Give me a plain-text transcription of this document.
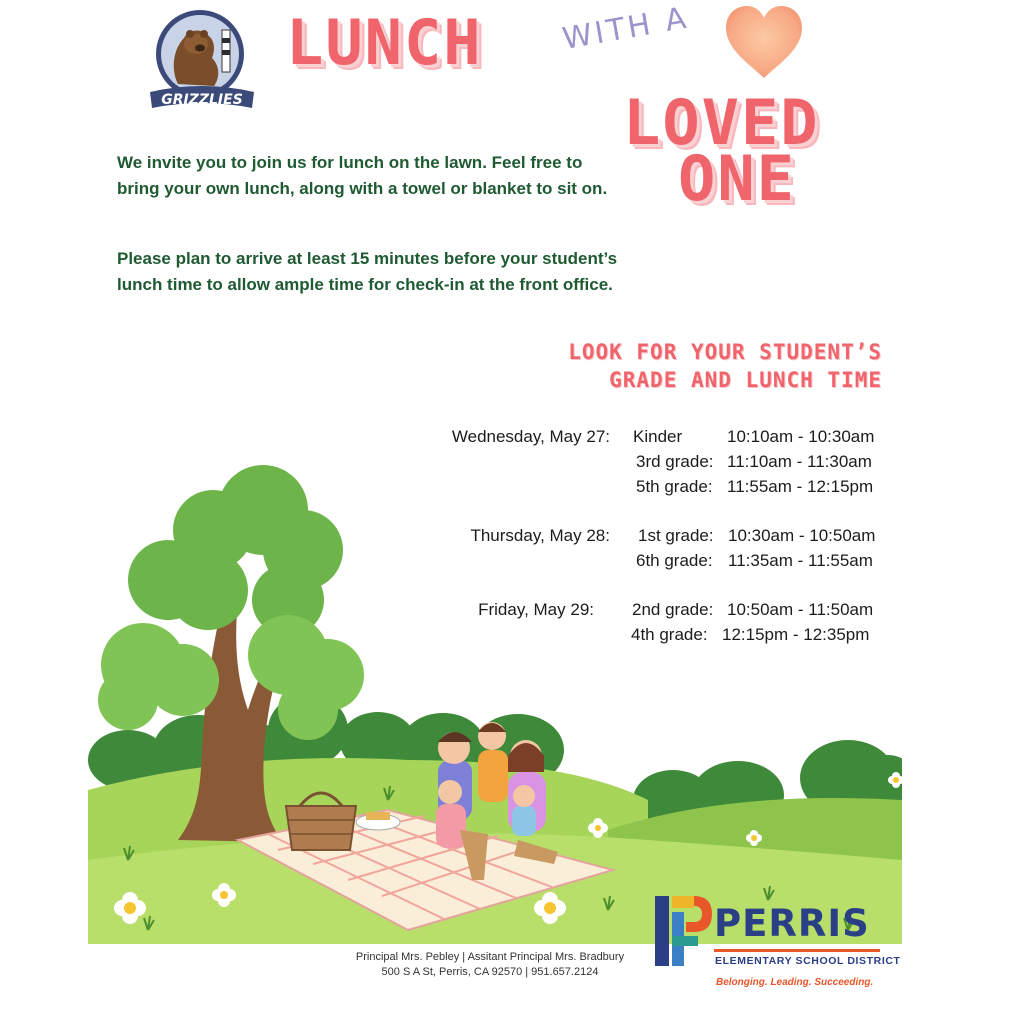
GRIZZLIES
LUNCH	WITH A
LOVED
ONE
We invite you to join us for lunch on the lawn. Feel free to bring your own lunch, along with a towel or blanket to sit on.
Please plan to arrive at least 15 minutes before your student’s lunch time to allow ample time for check-in at the front office.
LOOK FOR YOUR STUDENT’S
GRADE AND LUNCH TIME
Wednesday, May 27: Kinder	10:10am - 10:30am
3rd grade: 11:10am - 11:30am
5th grade: 11:55am - 12:15pm
Thursday, May 28: 1st grade: 10:30am - 10:50am
6th grade: 11:35am - 11:55am
Friday, May 29: 2nd grade: 10:50am - 11:50am
4th grade: 12:15pm - 12:35pm
Principal Mrs. Pebley | Assitant Principal Mrs. Bradbury
500 S A St, Perris, CA 92570 | 951.657.2124
PERRIS
ELEMENTARY SCHOOL DISTRICT
Belonging. Leading. Succeeding.
